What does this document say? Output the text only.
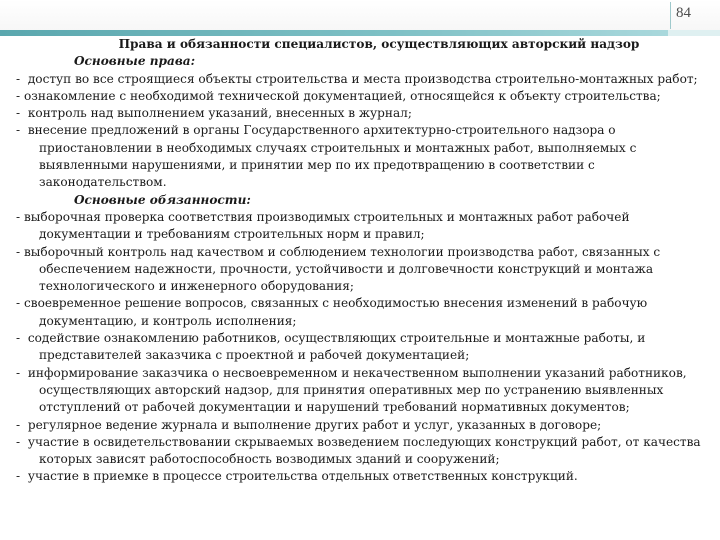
84

Права и обязанности специалистов, осуществляющих авторский надзор

Основные права:

- доступ во все строящиеся объекты строительства и места производства строительно-монтажных работ;

- ознакомление с необходимой технической документацией, относящейся к объекту строительства;

- контроль над выполнением указаний, внесенных в журнал;

- внесение предложений в органы Государственного архитектурно-строительного надзора о приостановлении в необходимых случаях строительных и монтажных работ, выполняемых с выявленными нарушениями, и принятии мер по их предотвращению в соответствии с законодательством.

Основные обязанности:

- выборочная проверка соответствия производимых строительных и монтажных работ рабочей документации и требованиям строительных норм и правил;

- выборочный контроль над качеством и соблюдением технологии производства работ, связанных с обеспечением надежности, прочности, устойчивости и долговечности конструкций и монтажа технологического и инженерного оборудования;

- своевременное решение вопросов, связанных с необходимостью внесения изменений в рабочую документацию, и контроль исполнения;

- содействие ознакомлению работников, осуществляющих строительные и монтажные работы, и представителей заказчика с проектной и рабочей документацией;

- информирование заказчика о несвоевременном и некачественном выполнении указаний работников, осуществляющих авторский надзор, для принятия оперативных мер по устранению выявленных отступлений от рабочей документации и нарушений требований нормативных документов;

- регулярное ведение журнала и выполнение других работ и услуг, указанных в договоре;

- участие в освидетельствовании скрываемых возведением последующих конструкций работ, от качества которых зависят работоспособность возводимых зданий и сооружений;

- участие в приемке в процессе строительства отдельных ответственных конструкций.
